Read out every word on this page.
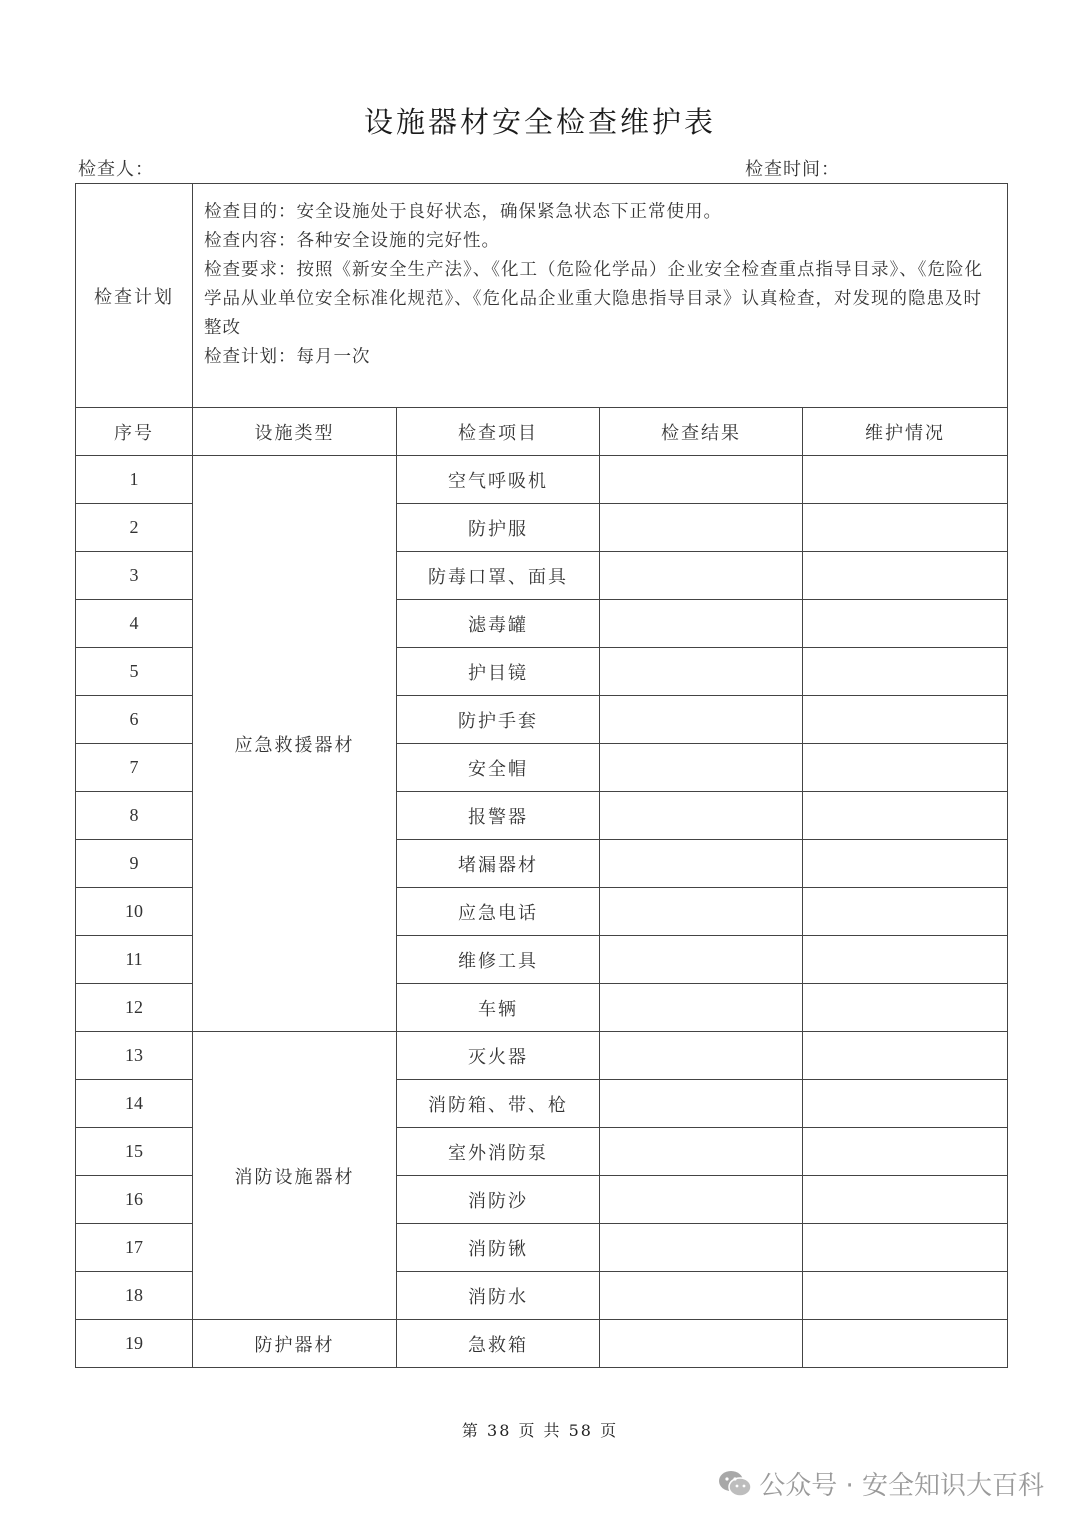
设施器材安全检查维护表
检查人：	检查时间：
检查计划	检查目的：安全设施处于良好状态，确保紧急状态下正常使用。
检查内容：各种安全设施的完好性。
检查要求：按照《新安全生产法》、《化工（危险化学品）企业安全检查重点指导目录》、《危险化学品从业单位安全标准化规范》、《危化品企业重大隐患指导目录》认真检查，对发现的隐患及时整改
检查计划：每月一次			

序号	设施类型	检查项目	检查结果	维护情况
1	应急救援器材	空气呼吸机		
2		防护服		
3		防毒口罩、面具		
4		滤毒罐		
5		护目镜		
6		防护手套		
7		安全帽		
8		报警器		
9		堵漏器材		
10		应急电话		
11		维修工具		
12		车辆		
13	消防设施器材	灭火器		
14		消防箱、带、枪		
15		室外消防泵		
16		消防沙		
17		消防锹		
18		消防水		
19	防护器材	急救箱		
第 38 页 共 58 页
公众号 · 安全知识大百科
